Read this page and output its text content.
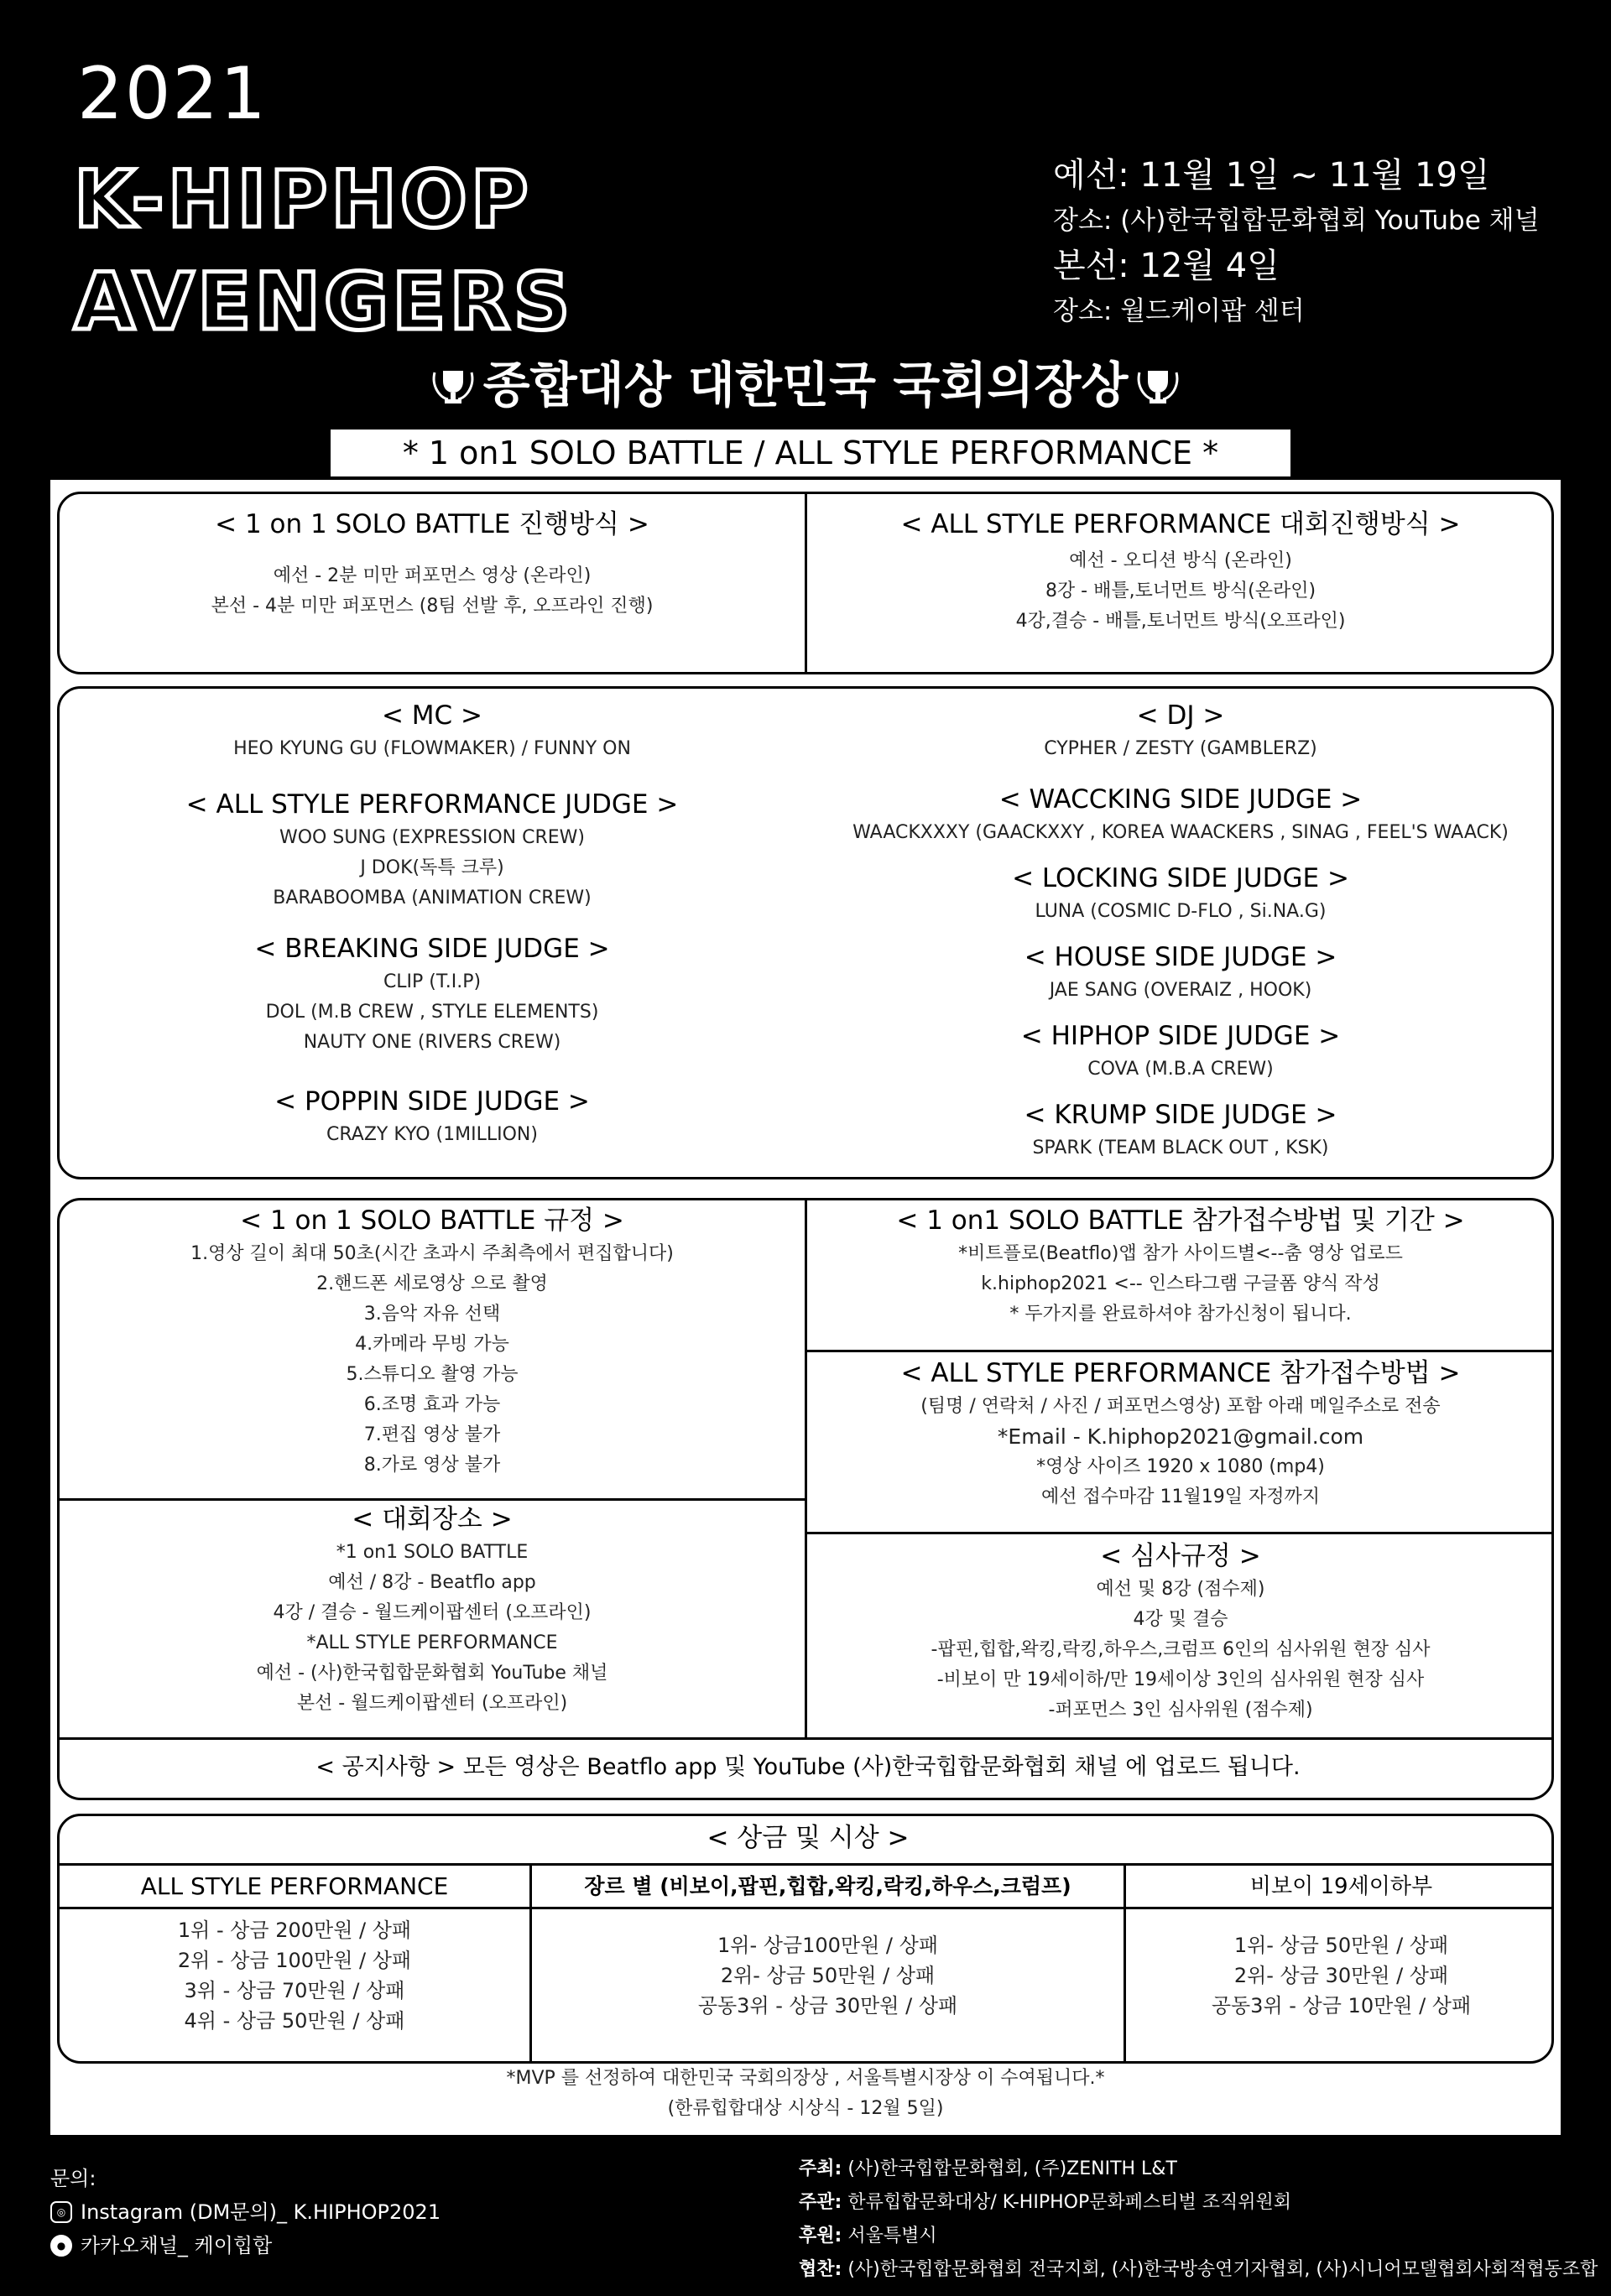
2021
K-HIPHOP
AVENGERS
예선: 11월 1일 ~ 11월 19일
장소: (사)한국힙합문화협회 YouTube 채널
본선: 12월 4일
장소: 월드케이팝 센터
종합대상 대한민국 국회의장상
* 1 on1 SOLO BATTLE / ALL STYLE PERFORMANCE *
< 1 on 1 SOLO BATTLE 진행방식 >
예선 - 2분 미만 퍼포먼스 영상 (온라인)
본선 - 4분 미만 퍼포먼스 (8팀 선발 후, 오프라인 진행)
< ALL STYLE PERFORMANCE 대회진행방식 >
예선 - 오디션 방식 (온라인)
8강 - 배틀,토너먼트 방식(온라인)
4강,결승 - 배틀,토너먼트 방식(오프라인)
< MC >
HEO KYUNG GU (FLOWMAKER) / FUNNY ON
< ALL STYLE PERFORMANCE JUDGE >
WOO SUNG (EXPRESSION CREW)
J DOK(독특 크루)
BARABOOMBA (ANIMATION CREW)
< BREAKING SIDE JUDGE >
CLIP (T.I.P)
DOL (M.B CREW , STYLE ELEMENTS)
NAUTY ONE (RIVERS CREW)
< POPPIN SIDE JUDGE >
CRAZY KYO (1MILLION)
< DJ >
CYPHER / ZESTY (GAMBLERZ)
< WACCKING SIDE JUDGE >
WAACKXXXY (GAACKXXY , KOREA WAACKERS , SINAG , FEEL'S WAACK)
< LOCKING SIDE JUDGE >
LUNA (COSMIC D-FLO , Si.NA.G)
< HOUSE SIDE JUDGE >
JAE SANG (OVERAIZ , HOOK)
< HIPHOP SIDE JUDGE >
COVA (M.B.A CREW)
< KRUMP SIDE JUDGE >
SPARK (TEAM BLACK OUT , KSK)
< 1 on 1 SOLO BATTLE 규정 >
1.영상 길이 최대 50초(시간 초과시 주최측에서 편집합니다)
2.핸드폰 세로영상 으로 촬영
3.음악 자유 선택
4.카메라 무빙 가능
5.스튜디오 촬영 가능
6.조명 효과 가능
7.편집 영상 불가
8.가로 영상 불가
< 대회장소 >
*1 on1 SOLO BATTLE
예선 / 8강 - Beatflo app
4강 / 결승 - 월드케이팝센터 (오프라인)
*ALL STYLE PERFORMANCE
예선 - (사)한국힙합문화협회 YouTube 채널
본선 - 월드케이팝센터 (오프라인)
< 1 on1 SOLO BATTLE 참가접수방법 및 기간 >
*비트플로(Beatflo)앱 참가 사이드별<--춤 영상 업로드
k.hiphop2021 <-- 인스타그램 구글폼 양식 작성
* 두가지를 완료하셔야 참가신청이 됩니다.
< ALL STYLE PERFORMANCE 참가접수방법 >
(팀명 / 연락처 / 사진 / 퍼포먼스영상) 포함 아래 메일주소로 전송
*Email - K.hiphop2021@gmail.com
*영상 사이즈 1920 x 1080 (mp4)
예선 접수마감 11월19일 자정까지
< 심사규정 >
예선 및 8강 (점수제)
4강 및 결승
-팝핀,힙합,왁킹,락킹,하우스,크럼프 6인의 심사위원 현장 심사
-비보이 만 19세이하/만 19세이상 3인의 심사위원 현장 심사
-퍼포먼스 3인 심사위원 (점수제)
< 공지사항 > 모든 영상은 Beatflo app 및 YouTube (사)한국힙합문화협회 채널 에 업로드 됩니다.
< 상금 및 시상 >
ALL STYLE PERFORMANCE	장르 별 (비보이,팝핀,힙합,왁킹,락킹,하우스,크럼프)	비보이 19세이하부
1위 - 상금 200만원 / 상패
2위 - 상금 100만원 / 상패
3위 - 상금 70만원 / 상패
4위 - 상금 50만원 / 상패
1위- 상금100만원 / 상패
2위- 상금 50만원 / 상패
공동3위 - 상금 30만원 / 상패
1위- 상금 50만원 / 상패
2위- 상금 30만원 / 상패
공동3위 - 상금 10만원 / 상패
*MVP 를 선정하여 대한민국 국회의장상 , 서울특별시장상 이 수여됩니다.*
(한류힙합대상 시상식 - 12월 5일)
문의:
◎ Instagram (DM문의)_ K.HIPHOP2021
● 카카오채널_ 케이힙합
주최: (사)한국힙합문화협회, (주)ZENITH L&T
주관: 한류힙합문화대상/ K-HIPHOP문화페스티벌 조직위원회
후원: 서울특별시
협찬: (사)한국힙합문화협회 전국지회, (사)한국방송연기자협회, (사)시니어모델협회사회적협동조합
